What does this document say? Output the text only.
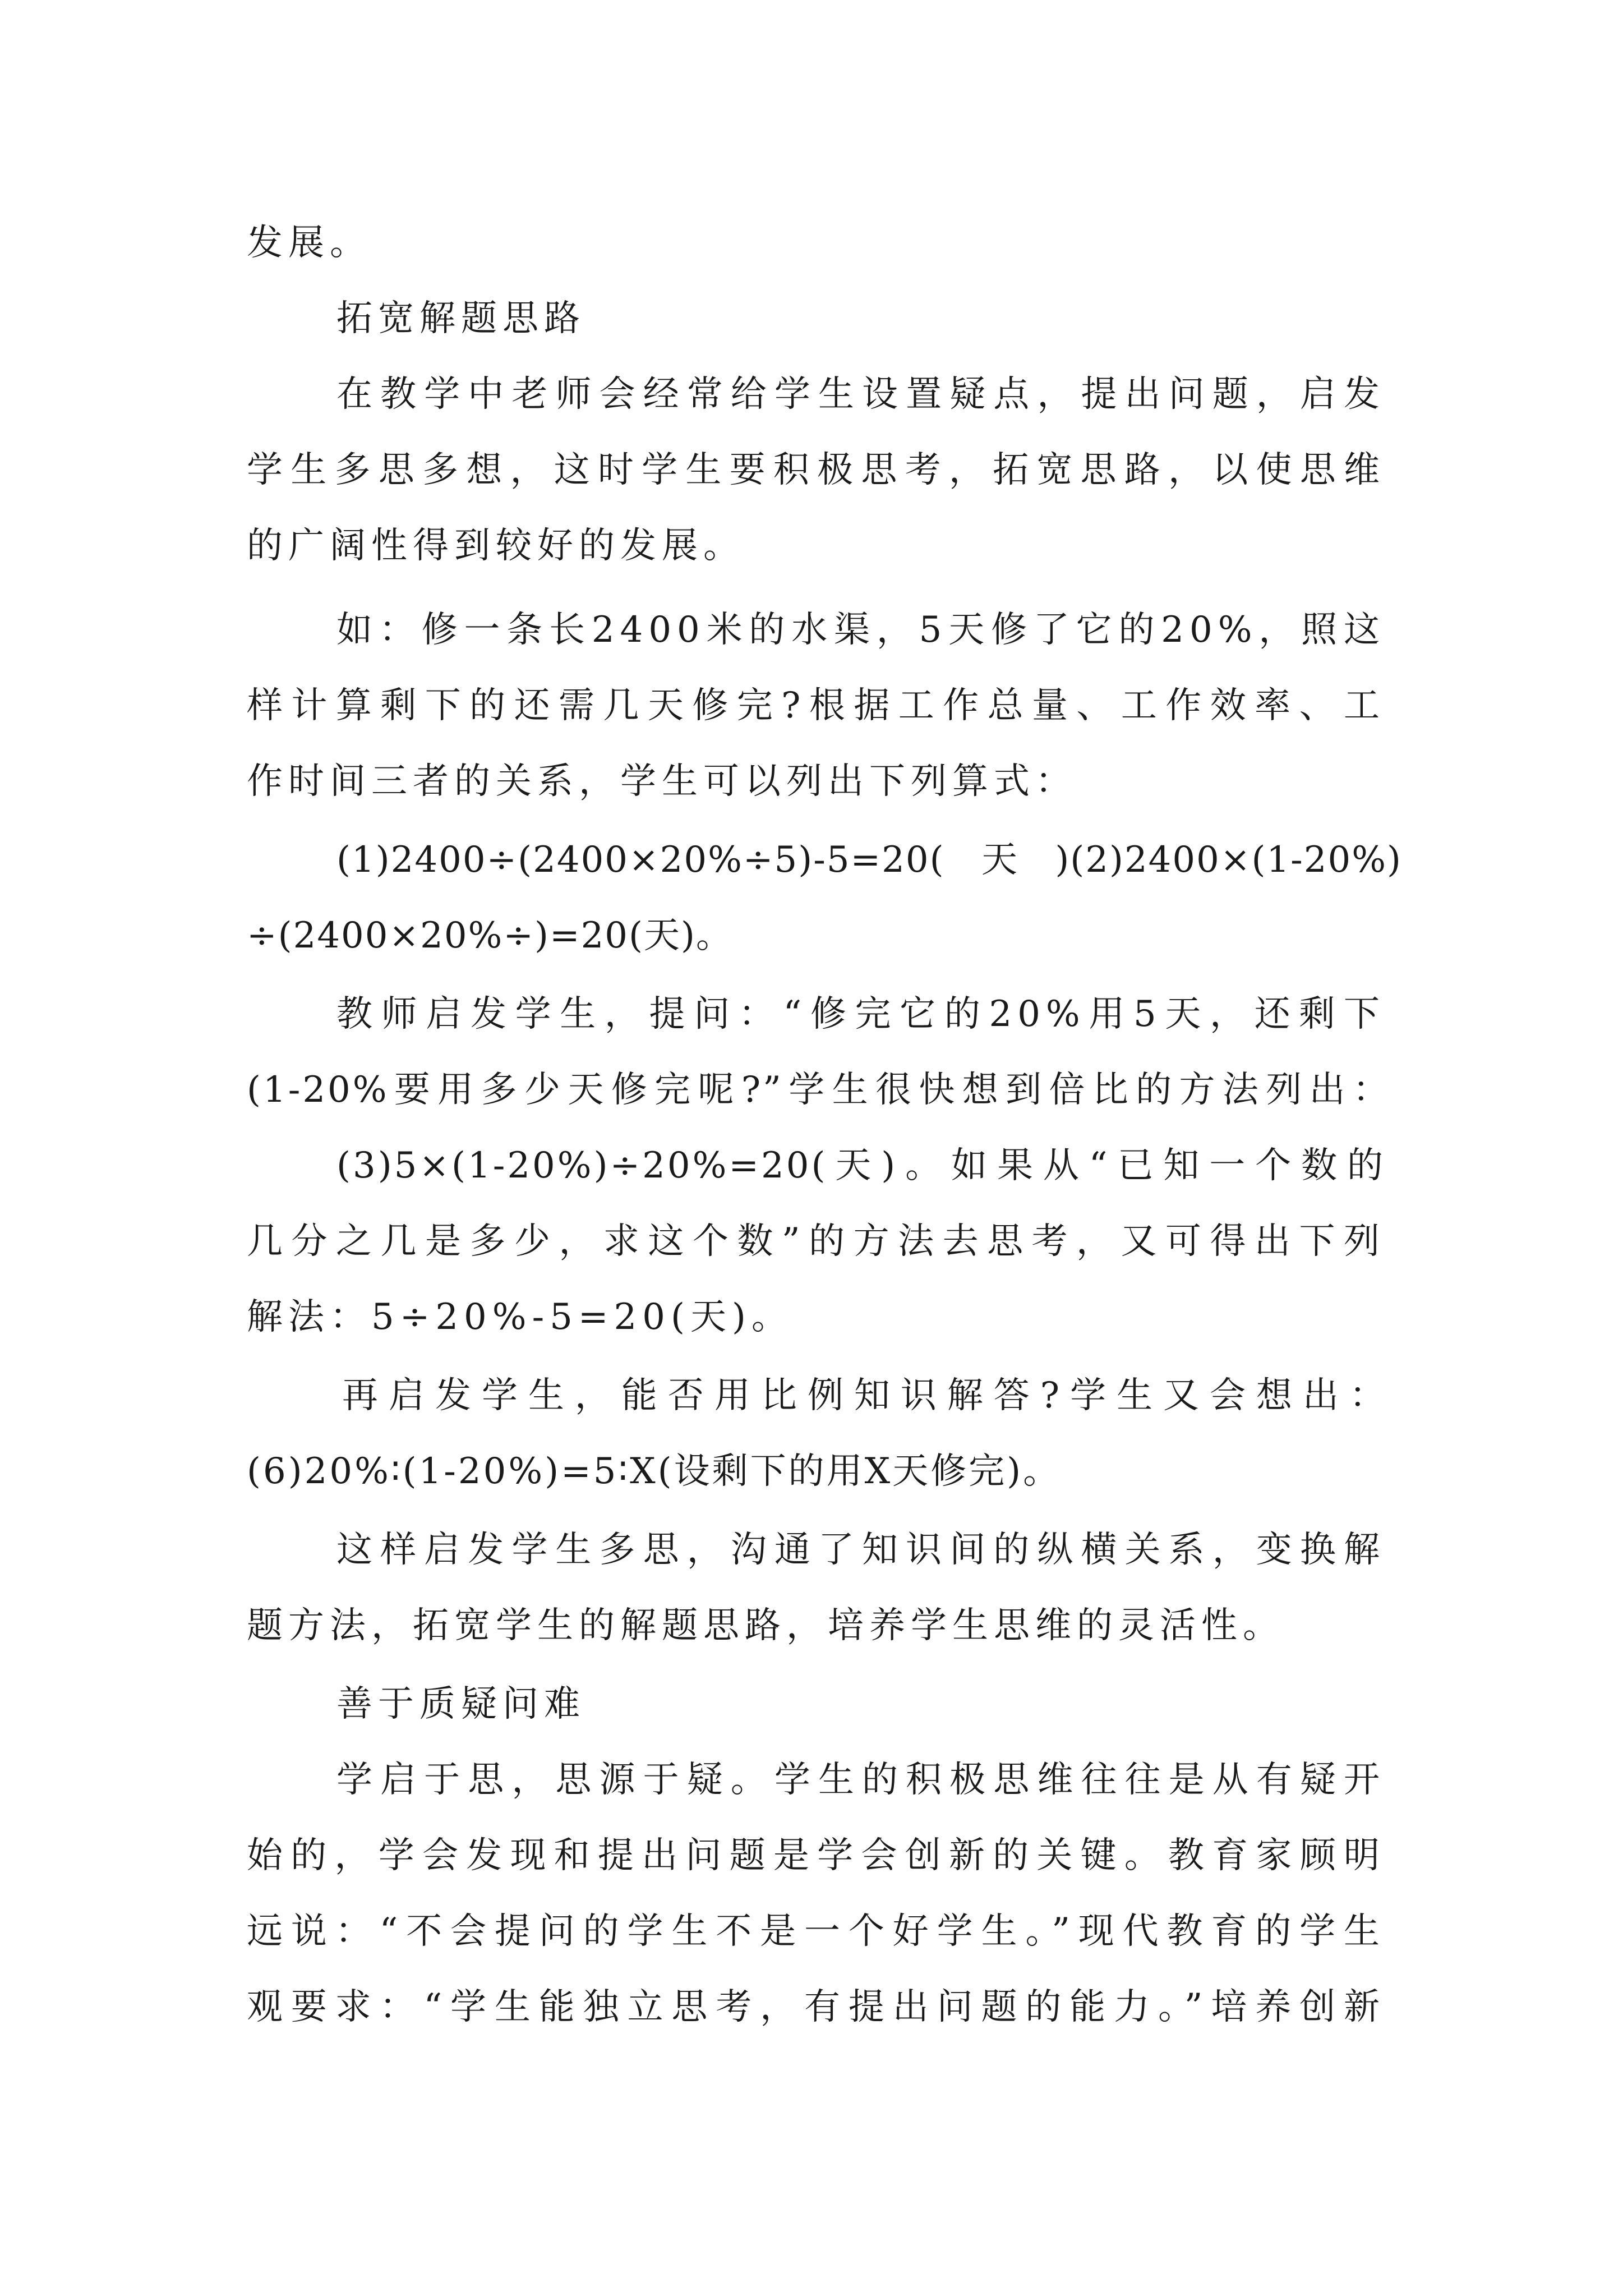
发展。
拓宽解题思路
在教学中老师会经常给学生设置疑点，提出问题，启发
学生多思多想，这时学生要积极思考，拓宽思路，以使思维
的广阔性得到较好的发展。
如：修一条长2400米的水渠，5天修了它的20%，照这
样计算剩下的还需几天修完?根据工作总量、工作效率、工
作时间三者的关系，学生可以列出下列算式：
(1)2400÷(2400×20%÷5)-5=20(天)(2)2400×(1-20%)
÷(2400×20%÷)=20(天)。
教师启发学生，提问：“修完它的20%用5天，还剩下
(1-20%要用多少天修完呢?”学生很快想到倍比的方法列出：
(3)5×(1-20%)÷20%=20(天)。如果从“已知一个数的
几分之几是多少，求这个数”的方法去思考，又可得出下列
解法：5÷20%-5=20(天)。
再启发学生，能否用比例知识解答?学生又会想出：
(6)20%∶(1-20%)=5∶X(设剩下的用X天修完)。
这样启发学生多思，沟通了知识间的纵横关系，变换解
题方法，拓宽学生的解题思路，培养学生思维的灵活性。
善于质疑问难
学启于思，思源于疑。学生的积极思维往往是从有疑开
始的，学会发现和提出问题是学会创新的关键。教育家顾明
远说：“不会提问的学生不是一个好学生。”现代教育的学生
观要求：“学生能独立思考，有提出问题的能力。”培养创新
